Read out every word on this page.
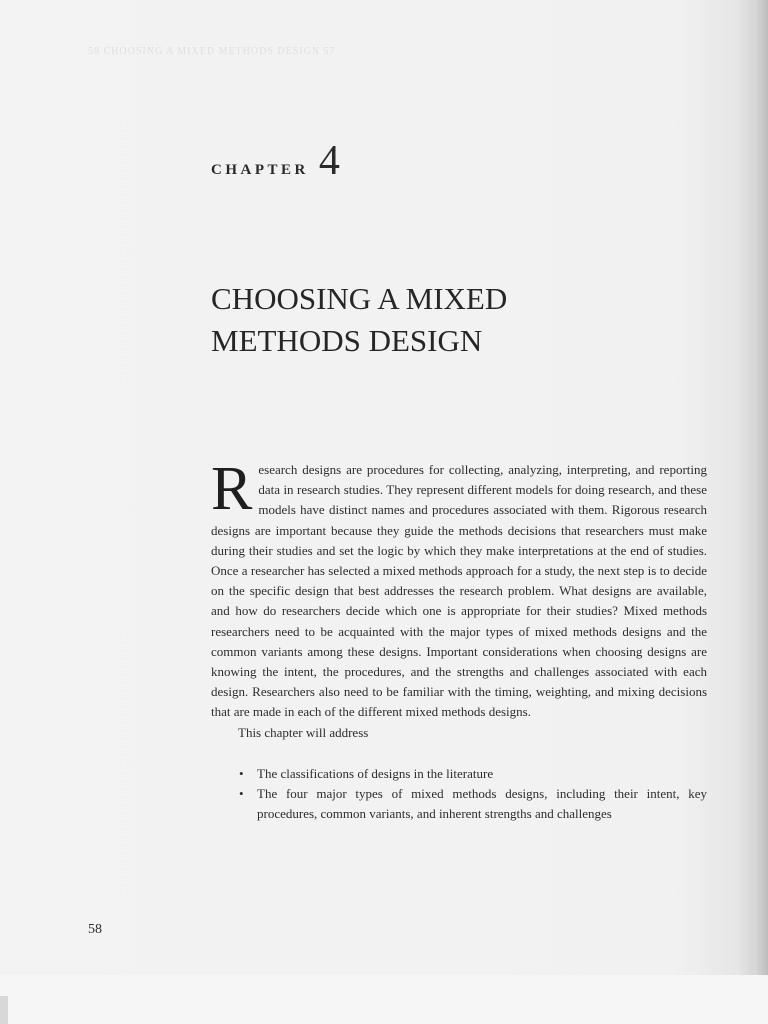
58 CHOOSING A MIXED METHODS DESIGN 57
CHAPTER 4
CHOOSING A MIXED
METHODS DESIGN

Research designs are procedures for collecting, analyzing, interpreting, and reporting data in research studies. They represent different models for doing research, and these models have distinct names and procedures associated with them. Rigorous research designs are important because they guide the methods decisions that researchers must make during their studies and set the logic by which they make interpretations at the end of studies. Once a researcher has selected a mixed methods approach for a study, the next step is to decide on the specific design that best addresses the research problem. What designs are available, and how do researchers decide which one is appropriate for their studies? Mixed methods researchers need to be acquainted with the major types of mixed methods designs and the common variants among these designs. Important considerations when choosing designs are knowing the intent, the procedures, and the strengths and challenges associated with each design. Researchers also need to be familiar with the timing, weighting, and mixing decisions that are made in each of the different mixed methods designs.

This chapter will address

• The classifications of designs in the literature
• The four major types of mixed methods designs, including their intent, key procedures, common variants, and inherent strengths and challenges
58
